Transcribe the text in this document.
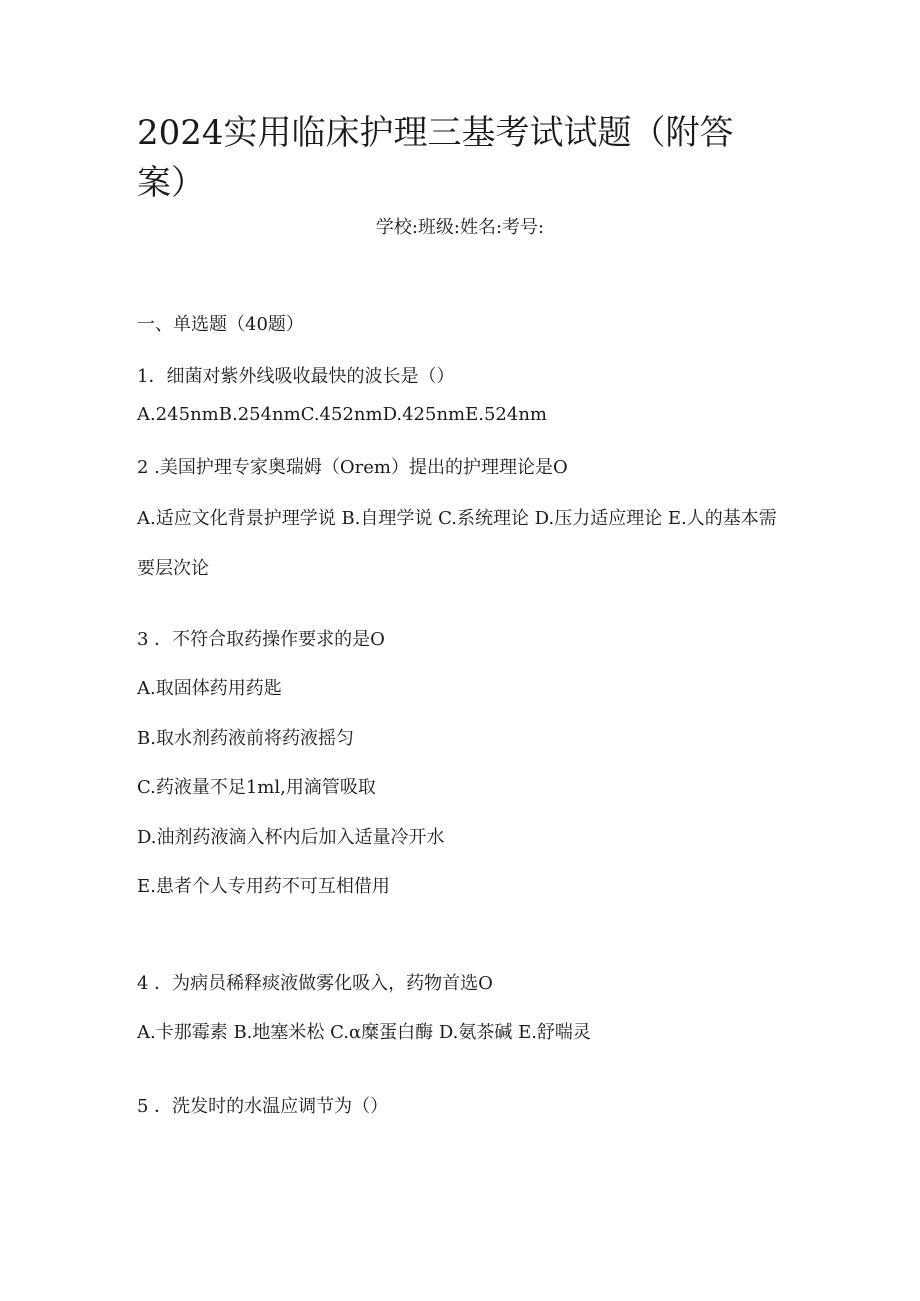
2024实用临床护理三基考试试题（附答案）
学校:班级:姓名:考号:
一、单选题（40题）
1．细菌对紫外线吸收最快的波长是（）
A.245nmB.254nmC.452nmD.425nmE.524nm
2 .美国护理专家奥瑞姆（Orem）提出的护理理论是O
A.适应文化背景护理学说 B.自理学说 C.系统理论 D.压力适应理论 E.人的基本需要层次论
3 ．不符合取药操作要求的是O
A.取固体药用药匙
B.取水剂药液前将药液摇匀
C.药液量不足1ml,用滴管吸取
D.油剂药液滴入杯内后加入适量冷开水
E.患者个人专用药不可互相借用
4 ．为病员稀释痰液做雾化吸入，药物首选O
A.卡那霉素 B.地塞米松 C.α糜蛋白酶 D.氨茶碱 E.舒喘灵
5 ．洗发时的水温应调节为（）
